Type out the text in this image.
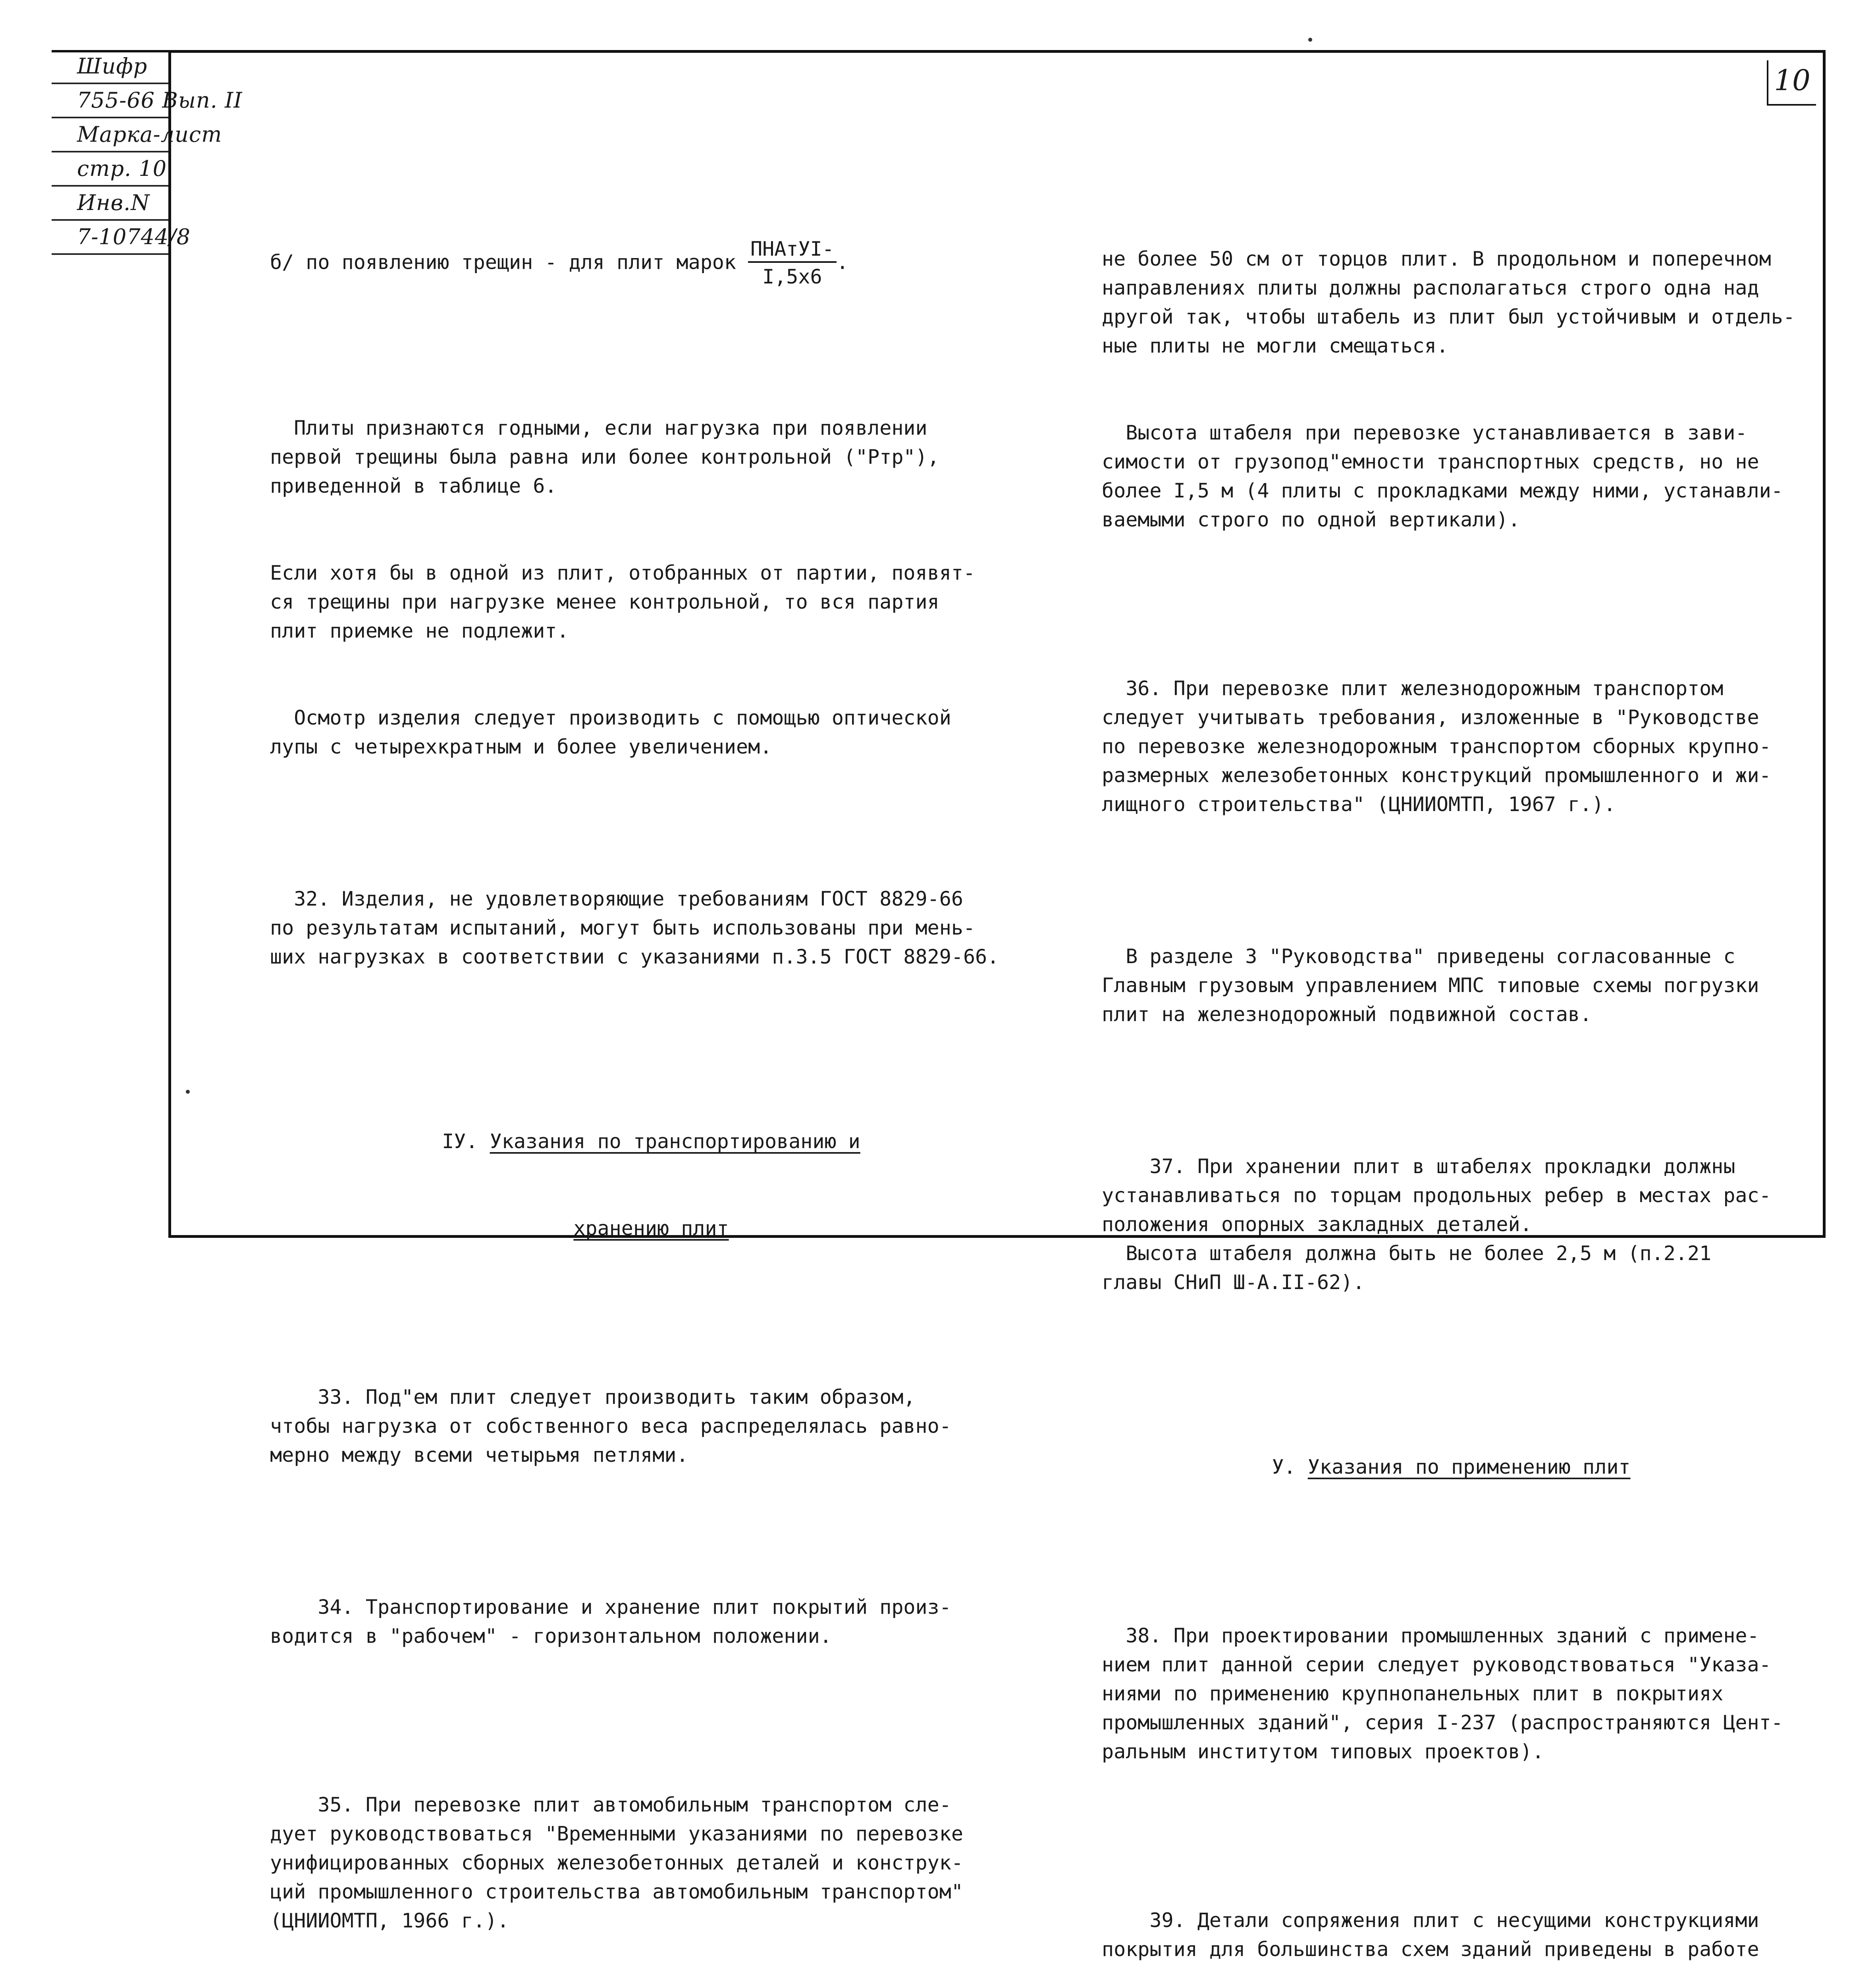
Шифр
755-66 Вып. II
Марка-лист
стр. 10
Инв.N
7-10744/8
10

б/ по появлению трещин - для плит марок $\frac{\text{ПНАтУI-}}{I,5x6}$ .

Плиты признаются годными, если нагрузка при появлении
первой трещины была равна или более контрольной ("Ртр"),
приведенной в таблице 6.

Если хотя бы в одной из плит, отобранных от партии, появят-
ся трещины при нагрузке менее контрольной, то вся партия
плит приемке не подлежит.

Осмотр изделия следует производить с помощью оптической
лупы с четырехкратным и более увеличением.

32. Изделия, не удовлетворяющие требованиям ГОСТ 8829-66
по результатам испытаний, могут быть использованы при мень-
ших нагрузках в соответствии с указаниями п.3.5 ГОСТ 8829-66.

IУ. Указания по транспортированию и

хранению плит

33. Под"ем плит следует производить таким образом,
чтобы нагрузка от собственного веса распределялась равно-
мерно между всеми четырьмя петлями.

34. Транспортирование и хранение плит покрытий произ-
водится в "рабочем" - горизонтальном положении.

35. При перевозке плит автомобильным транспортом сле-
дует руководствоваться "Временными указаниями по перевозке
унифицированных сборных железобетонных деталей и конструк-
ций промышленного строительства автомобильным транспортом"
(ЦНИИОМТП, 1966 г.).

не более 50 см от торцов плит. В продольном и поперечном
направлениях плиты должны располагаться строго одна над
другой так, чтобы штабель из плит был устойчивым и отдель-
ные плиты не могли смещаться.

Высота штабеля при перевозке устанавливается в зави-
симости от грузопод"емности транспортных средств, но не
более I,5 м (4 плиты с прокладками между ними, устанавли-
ваемыми строго по одной вертикали).

36. При перевозке плит железнодорожным транспортом
следует учитывать требования, изложенные в "Руководстве
по перевозке железнодорожным транспортом сборных крупно-
размерных железобетонных конструкций промышленного и жи-
лищного строительства" (ЦНИИОМТП, 1967 г.).

В разделе 3 "Руководства" приведены согласованные с
Главным грузовым управлением МПС типовые схемы погрузки
плит на железнодорожный подвижной состав.

37. При хранении плит в штабелях прокладки должны
устанавливаться по торцам продольных ребер в местах рас-
положения опорных закладных деталей.
Высота штабеля должна быть не более 2,5 м (п.2.21
главы СНиП Ш-А.II-62).

У. Указания по применению плит

38. При проектировании промышленных зданий с примене-
нием плит данной серии следует руководствоваться "Указа-
ниями по применению крупнопанельных плит в покрытиях
промышленных зданий", серия I-237 (распространяются Цент-
ральным институтом типовых проектов).

39. Детали сопряжения плит с несущими конструкциями
покрытия для большинства схем зданий приведены в работе
